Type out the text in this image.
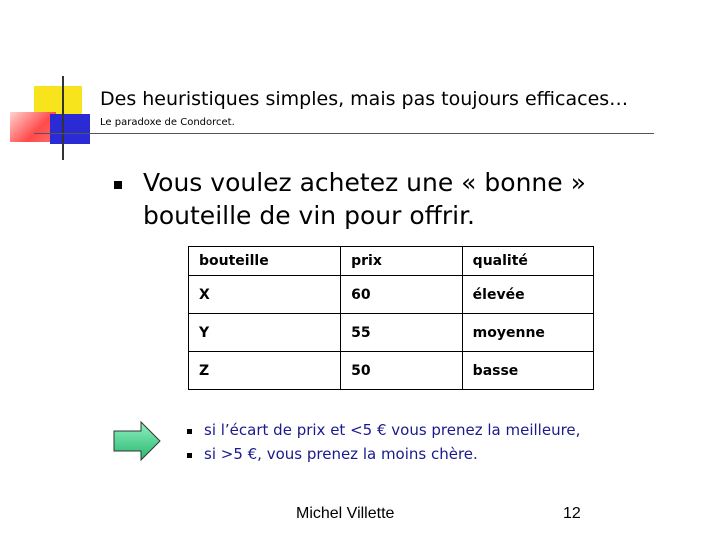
Des heuristiques simples, mais pas toujours efficaces…
Le paradoxe de Condorcet.
Vous voulez achetez une « bonne » bouteille de vin pour offrir.
bouteille	prix	qualité
X	60	élevée
Y	55	moyenne
Z	50	basse
si l’écart de prix et <5 € vous prenez la meilleure,
si >5 €, vous prenez la moins chère.
Michel Villette	12
